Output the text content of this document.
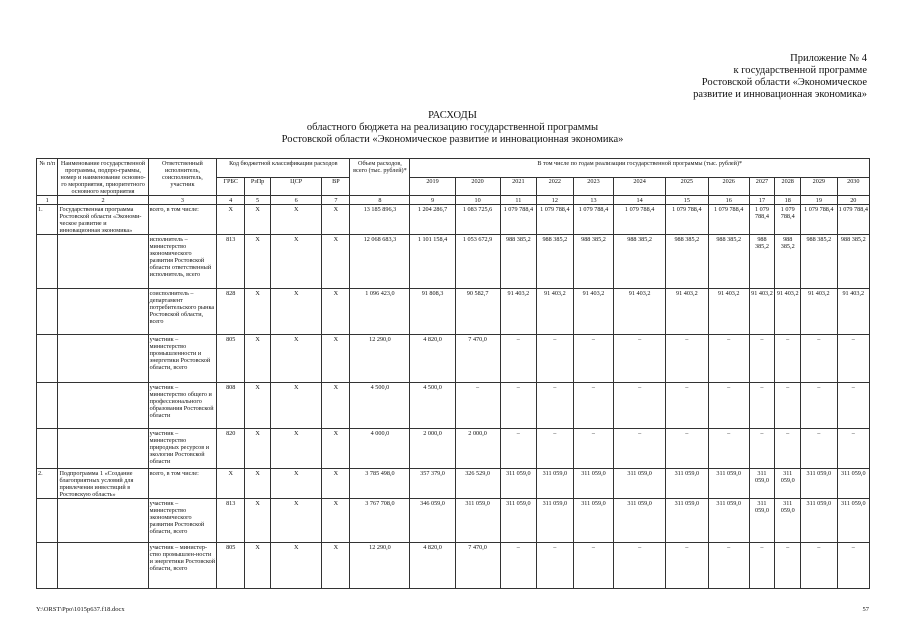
Приложение № 4
к государственной программе
Ростовской области «Экономическое
развитие и инновационная экономика»
РАСХОДЫ
областного бюджета на реализацию государственной программы
Ростовской области «Экономическое развитие и инновационная экономика»
№ п/п	Наименование государственной программы, подпро-граммы, номер и наименование основно-го мероприятия, приоритетного основного мероприятия	Ответственный исполнитель, соисполнитель, участник	Код бюджетной классификации расходов				Объем расходов, всего (тыс. рублей)*	В том числе по годам реализации государственной программы (тыс. рублей)*											
			ГРБС	РзПр	ЦСР	ВР		2019	2020	2021	2022	2023	2024	2025	2026	2027	2028	2029	2030
1	2	3	4	5	6	7	8	9	10	11	12	13	14	15	16	17	18	19	20
1.	Государственная программа Ростовской области «Экономи-ческое развитие и инновационная экономика»	всего, в том числе:	X	X	X	X	13 185 896,3	1 204 286,7	1 083 725,6	1 079 788,4	1 079 788,4	1 079 788,4	1 079 788,4	1 079 788,4	1 079 788,4	1 079 788,4	1 079 788,4	1 079 788,4	1 079 788,4
		исполнитель – министерство экономического развития Ростовской области ответственный исполнитель, всего	813	X	X	X	12 068 683,3	1 101 158,4	1 053 672,9	988 385,2	988 385,2	988 385,2	988 385,2	988 385,2	988 385,2	988 385,2	988 385,2	988 385,2	988 385,2
		соисполнитель – департамент потребительского рынка Ростовской области, всего	828	X	X	X	1 096 423,0	91 808,3	90 582,7	91 403,2	91 403,2	91 403,2	91 403,2	91 403,2	91 403,2	91 403,2	91 403,2	91 403,2	91 403,2
		участник – министерство промышленности и энергетики Ростовской области, всего	805	X	X	X	12 290,0	4 820,0	7 470,0	–	–	–	–	–	–	–	–	–	–
		участник – министерство общего и профессионального образования Ростовской области	808	X	X	X	4 500,0	4 500,0	–	–	–	–	–	–	–	–	–	–	–
		участник – министерство природных ресурсов и экологии Ростовской области	820	X	X	X	4 000,0	2 000,0	2 000,0	–	–	–	–	–	–	–	–	–	–
2.	Подпрограмма 1 «Создание благоприятных условий для привлечения инвестиций в Ростовскую область»	всего, в том числе:	X	X	X	X	3 785 498,0	357 379,0	326 529,0	311 059,0	311 059,0	311 059,0	311 059,0	311 059,0	311 059,0	311 059,0	311 059,0	311 059,0	311 059,0
		участник – министерство экономического развития Ростовской области, всего	813	X	X	X	3 767 708,0	346 059,0	311 059,0	311 059,0	311 059,0	311 059,0	311 059,0	311 059,0	311 059,0	311 059,0	311 059,0	311 059,0	311 059,0
		участник – министер-ство промышлен-ности и энергетики Ростовской области, всего	805	X	X	X	12 290,0	4 820,0	7 470,0	–	–	–	–	–	–	–	–	–	–
Y:\ORST\Ppo\1015p637.f18.docx	57
